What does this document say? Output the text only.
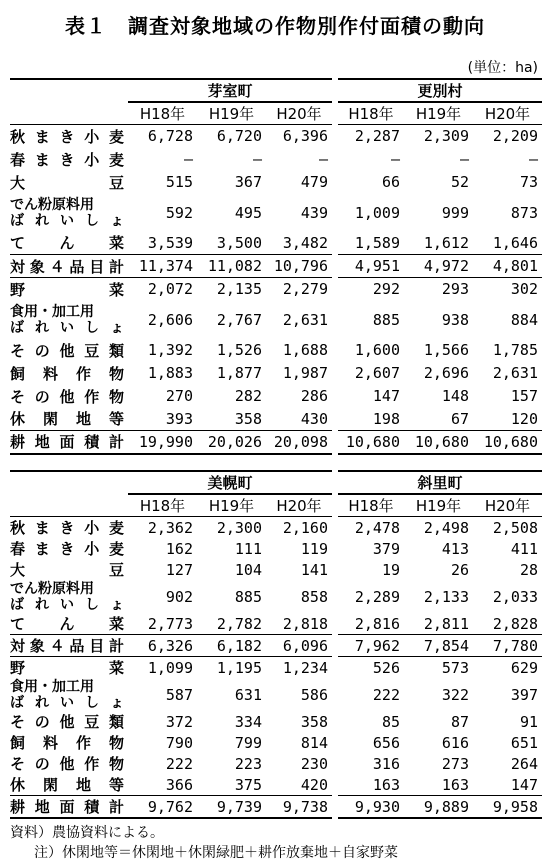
表１　調査対象地域の作物別作付面積の動向
(単位：ha)
	芽室町			更別村		
	H18年	H19年	H20年	H18年	H19年	H20年
秋まき小麦	6,728	6,720	6,396	2,287	2,309	2,209
春まき小麦	—	—	—	—	—	—
大豆	515	367	479	66	52	73

でん粉原料用
ばれいしょ	592	495	439	1,009	999	873
てん菜	3,539	3,500	3,482	1,589	1,612	1,646
対象４品目計	11,374	11,082	10,796	4,951	4,972	4,801
野菜	2,072	2,135	2,279	292	293	302

食用・加工用
ばれいしょ	2,606	2,767	2,631	885	938	884
その他豆類	1,392	1,526	1,688	1,600	1,566	1,785
飼料作物	1,883	1,877	1,987	2,607	2,696	2,631
その他作物	270	282	286	147	148	157
休閑地等	393	358	430	198	67	120
耕地面積計	19,990	20,026	20,098	10,680	10,680	10,680
	美幌町			斜里町		
	H18年	H19年	H20年	H18年	H19年	H20年
秋まき小麦	2,362	2,300	2,160	2,478	2,498	2,508
春まき小麦	162	111	119	379	413	411
大豆	127	104	141	19	26	28

でん粉原料用
ばれいしょ	902	885	858	2,289	2,133	2,033
てん菜	2,773	2,782	2,818	2,816	2,811	2,828
対象４品目計	6,326	6,182	6,096	7,962	7,854	7,780
野菜	1,099	1,195	1,234	526	573	629

食用・加工用
ばれいしょ	587	631	586	222	322	397
その他豆類	372	334	358	85	87	91
飼料作物	790	799	814	656	616	651
その他作物	222	223	230	316	273	264
休閑地等	366	375	420	163	163	147
耕地面積計	9,762	9,739	9,738	9,930	9,889	9,958
資料）農協資料による。
注）休閑地等＝休閑地＋休閑緑肥＋耕作放棄地＋自家野菜
